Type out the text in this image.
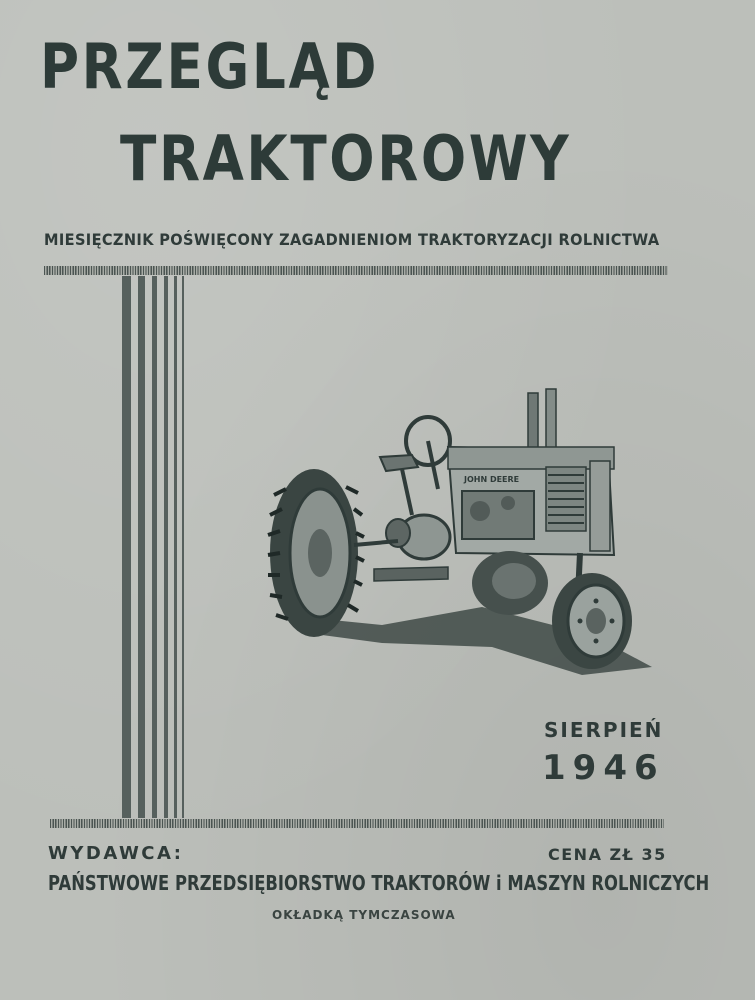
PRZEGLĄD
TRAKTOROWY
MIESIĘCZNIK POŚWIĘCONY ZAGADNIENIOM TRAKTORYZACJI ROLNICTWA
JOHN DEERE
SIERPIEŃ
1946
WYDAWCA:	CENA ZŁ 35
PAŃSTWOWE PRZEDSIĘBIORSTWO TRAKTORÓW i MASZYN ROLNICZYCH
OKŁADKĄ TYMCZASOWA
